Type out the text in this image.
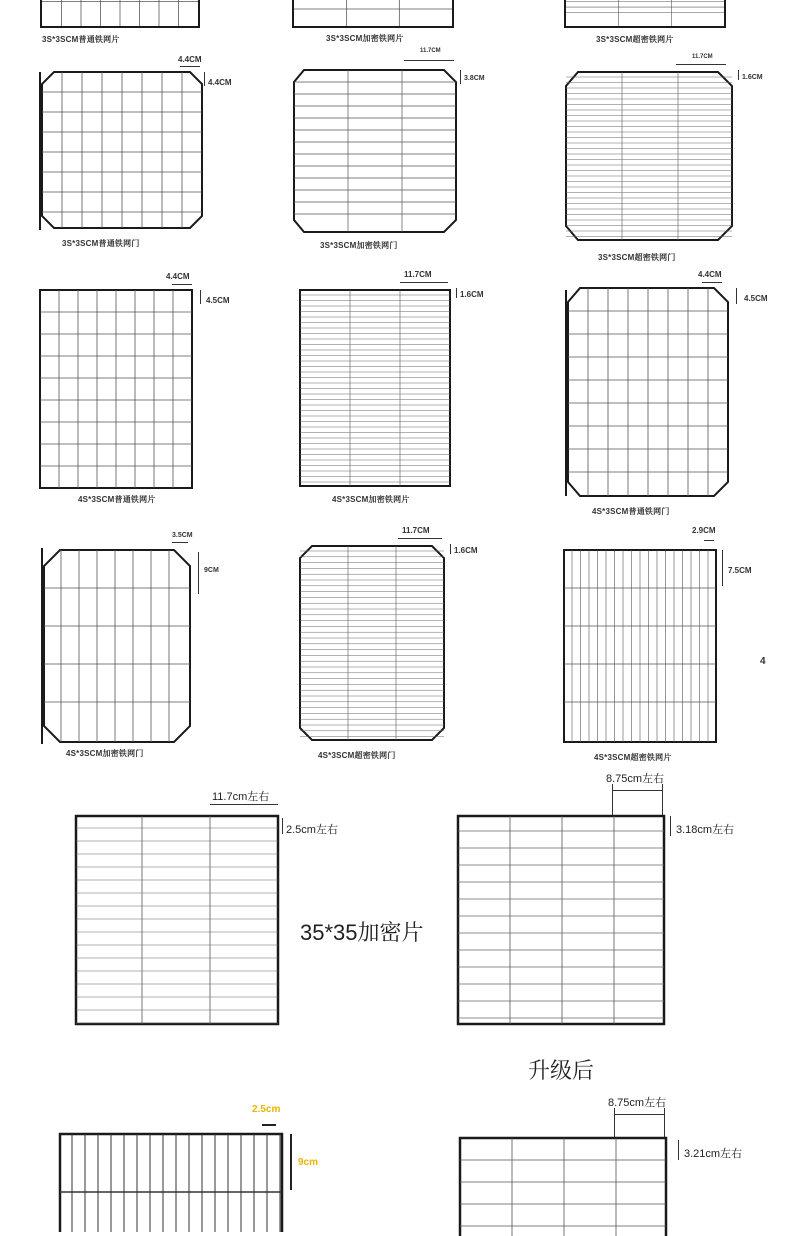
3S*3SCM普通铁网片	3S*3SCM加密铁网片	3S*3SCM超密铁网片
4.4CM
4.4CM
3S*3SCM普通铁网门
11.7CM
3.8CM
3S*3SCM加密铁网门
11.7CM
1.6CM
3S*3SCM超密铁网门
4.4CM
4.5CM
4S*3SCM普通铁网片
11.7CM
1.6CM
4S*3SCM加密铁网片
4.4CM
4.5CM
4S*3SCM普通铁网门
3.5CM
9CM
4S*3SCM加密铁网门
11.7CM
1.6CM
4S*3SCM超密铁网门
2.9CM
7.5CM
4
4S*3SCM超密铁网片
11.7cm左右
2.5cm左右
35*35加密片
8.75cm左右
3.18cm左右
升级后
2.5cm
9cm
8.75cm左右
3.21cm左右
